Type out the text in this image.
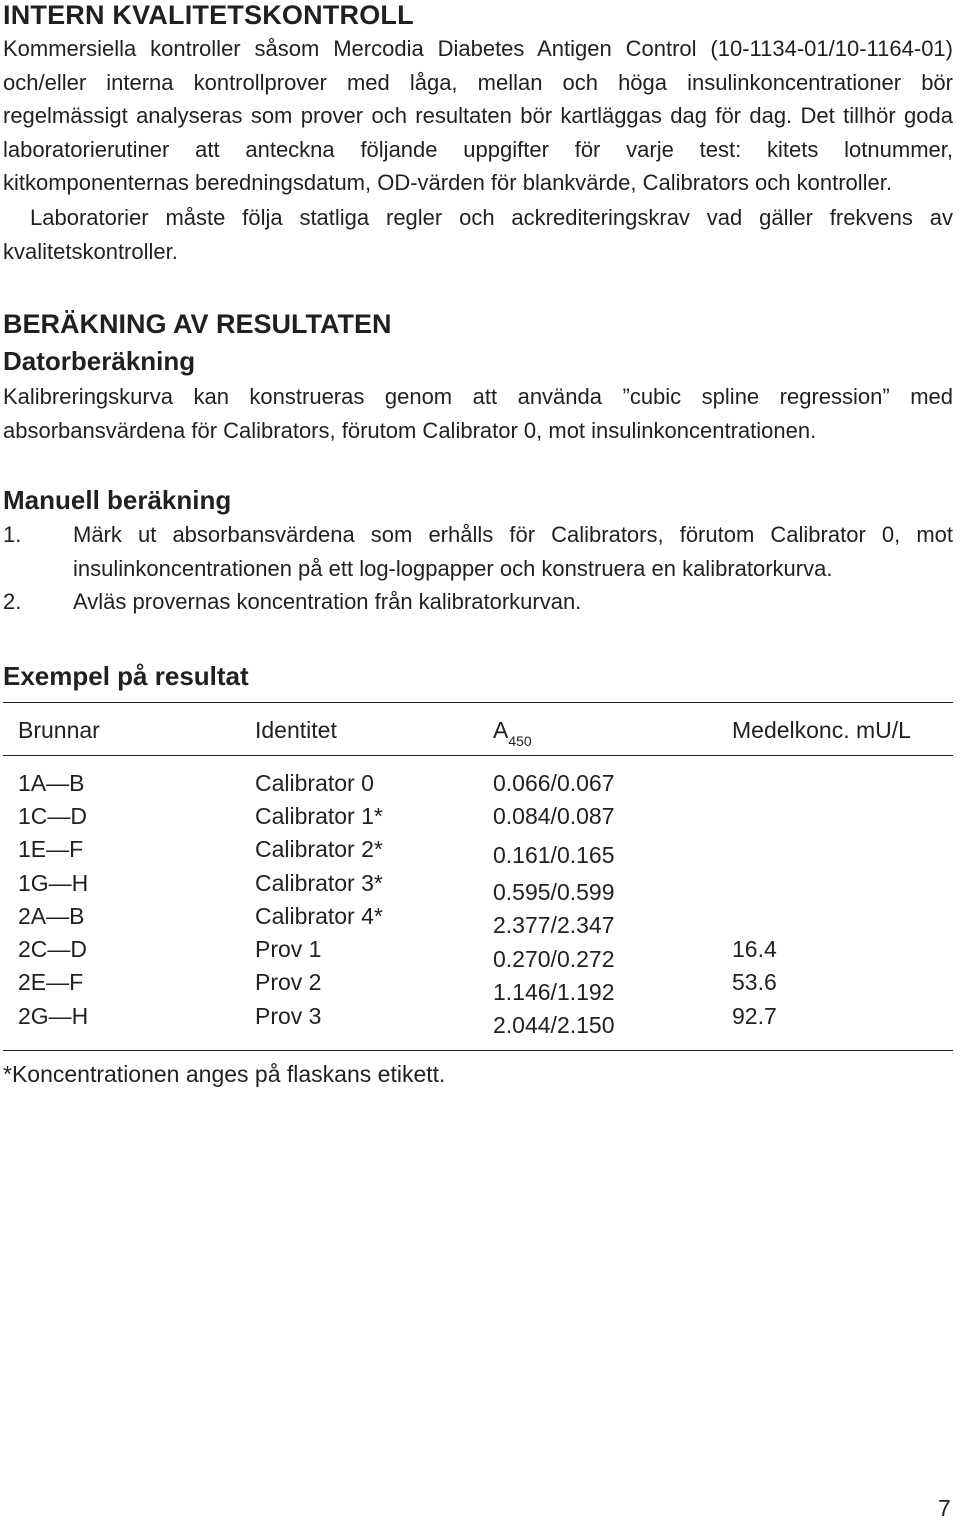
INTERN KVALITETSKONTROLL

Kommersiella kontroller såsom Mercodia Diabetes Antigen Control (10-1134-01/10-1164-01) och/eller interna kontrollprover med låga, mellan och höga insulinkoncentrationer bör regelmässigt analyseras som prover och resultaten bör kartläggas dag för dag. Det tillhör goda laboratorierutiner att anteckna följande uppgifter för varje test: kitets lotnummer, kitkomponenternas beredningsdatum, OD-värden för blankvärde, Calibrators och kontroller.

Laboratorier måste följa statliga regler och ackrediteringskrav vad gäller frekvens av kvalitetskontroller.

BERÄKNING AV RESULTATEN
Datorberäkning

Kalibreringskurva kan konstrueras genom att använda ”cubic spline regression” med absorbansvärdena för Calibrators, förutom Calibrator 0, mot insulinkoncentrationen.

Manuell beräkning
1. Märk ut absorbansvärdena som erhålls för Calibrators, förutom Calibrator 0, mot insulinkoncentrationen på ett log-logpapper och konstruera en kalibratorkurva.
2. Avläs provernas koncentration från kalibratorkurvan.
Exempel på resultat
Brunnar	Identitet	$A_{450}$	Medelkonc. mU/L
1A—B	Calibrator 0	0.066/0.067
1C—D	Calibrator 1*	0.084/0.087
1E—F	Calibrator 2*	0.161/0.165
1G—H	Calibrator 3*	0.595/0.599
2A—B	Calibrator 4*	2.377/2.347
2C—D	Prov 1	0.270/0.272	16.4
2E—F	Prov 2	1.146/1.192	53.6
2G—H	Prov 3	2.044/2.150	92.7
*Koncentrationen anges på flaskans etikett.
7
